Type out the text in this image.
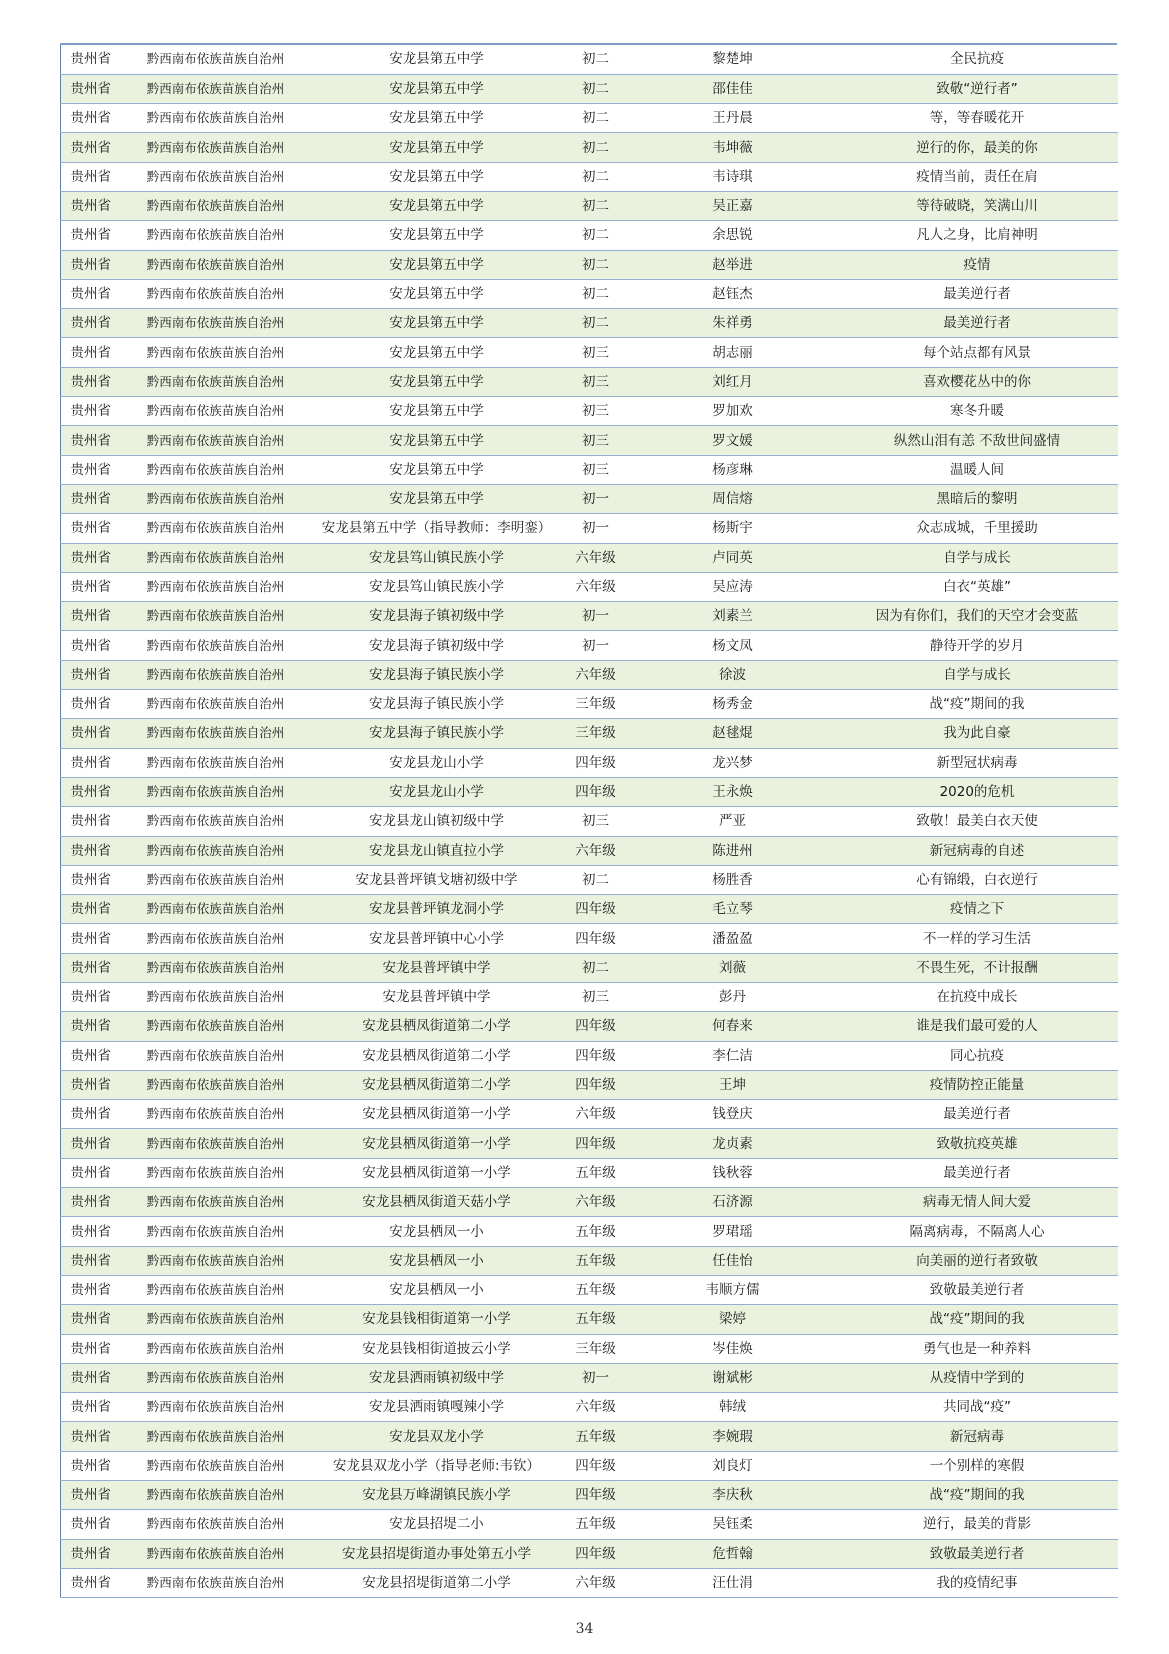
贵州省	黔西南布依族苗族自治州	安龙县第五中学	初二	黎楚坤	全民抗疫
贵州省	黔西南布依族苗族自治州	安龙县第五中学	初二	邵佳佳	致敬“逆行者”
贵州省	黔西南布依族苗族自治州	安龙县第五中学	初二	王丹晨	等，等春暖花开
贵州省	黔西南布依族苗族自治州	安龙县第五中学	初二	韦坤薇	逆行的你，最美的你
贵州省	黔西南布依族苗族自治州	安龙县第五中学	初二	韦诗琪	疫情当前，责任在肩
贵州省	黔西南布依族苗族自治州	安龙县第五中学	初二	吴正嘉	等待破晓，笑满山川
贵州省	黔西南布依族苗族自治州	安龙县第五中学	初二	余思锐	凡人之身，比肩神明
贵州省	黔西南布依族苗族自治州	安龙县第五中学	初二	赵举进	疫情
贵州省	黔西南布依族苗族自治州	安龙县第五中学	初二	赵钰杰	最美逆行者
贵州省	黔西南布依族苗族自治州	安龙县第五中学	初二	朱祥勇	最美逆行者
贵州省	黔西南布依族苗族自治州	安龙县第五中学	初三	胡志丽	每个站点都有风景
贵州省	黔西南布依族苗族自治州	安龙县第五中学	初三	刘红月	喜欢樱花丛中的你
贵州省	黔西南布依族苗族自治州	安龙县第五中学	初三	罗加欢	寒冬升暖
贵州省	黔西南布依族苗族自治州	安龙县第五中学	初三	罗文媛	纵然山泪有恙 不敌世间盛情
贵州省	黔西南布依族苗族自治州	安龙县第五中学	初三	杨彦琳	温暖人间
贵州省	黔西南布依族苗族自治州	安龙县第五中学	初一	周信熔	黑暗后的黎明
贵州省	黔西南布依族苗族自治州	安龙县第五中学（指导教师：李明銮）	初一	杨斯宇	众志成城，千里援助
贵州省	黔西南布依族苗族自治州	安龙县笃山镇民族小学	六年级	卢同英	自学与成长
贵州省	黔西南布依族苗族自治州	安龙县笃山镇民族小学	六年级	吴应涛	白衣“英雄”
贵州省	黔西南布依族苗族自治州	安龙县海子镇初级中学	初一	刘素兰	因为有你们，我们的天空才会变蓝
贵州省	黔西南布依族苗族自治州	安龙县海子镇初级中学	初一	杨文凤	静待开学的岁月
贵州省	黔西南布依族苗族自治州	安龙县海子镇民族小学	六年级	徐波	自学与成长
贵州省	黔西南布依族苗族自治州	安龙县海子镇民族小学	三年级	杨秀金	战“疫”期间的我
贵州省	黔西南布依族苗族自治州	安龙县海子镇民族小学	三年级	赵毬焜	我为此自豪
贵州省	黔西南布依族苗族自治州	安龙县龙山小学	四年级	龙兴梦	新型冠状病毒
贵州省	黔西南布依族苗族自治州	安龙县龙山小学	四年级	王永焕	2020的危机
贵州省	黔西南布依族苗族自治州	安龙县龙山镇初级中学	初三	严亚	致敬！最美白衣天使
贵州省	黔西南布依族苗族自治州	安龙县龙山镇直拉小学	六年级	陈进州	新冠病毒的自述
贵州省	黔西南布依族苗族自治州	安龙县普坪镇戈塘初级中学	初二	杨胜香	心有锦缎，白衣逆行
贵州省	黔西南布依族苗族自治州	安龙县普坪镇龙洞小学	四年级	毛立琴	疫情之下
贵州省	黔西南布依族苗族自治州	安龙县普坪镇中心小学	四年级	潘盈盈	不一样的学习生活
贵州省	黔西南布依族苗族自治州	安龙县普坪镇中学	初二	刘薇	不畏生死，不计报酬
贵州省	黔西南布依族苗族自治州	安龙县普坪镇中学	初三	彭丹	在抗疫中成长
贵州省	黔西南布依族苗族自治州	安龙县栖凤街道第二小学	四年级	何春来	谁是我们最可爱的人
贵州省	黔西南布依族苗族自治州	安龙县栖凤街道第二小学	四年级	李仁洁	同心抗疫
贵州省	黔西南布依族苗族自治州	安龙县栖凤街道第二小学	四年级	王坤	疫情防控正能量
贵州省	黔西南布依族苗族自治州	安龙县栖凤街道第一小学	六年级	钱登庆	最美逆行者
贵州省	黔西南布依族苗族自治州	安龙县栖凤街道第一小学	四年级	龙贞素	致敬抗疫英雄
贵州省	黔西南布依族苗族自治州	安龙县栖凤街道第一小学	五年级	钱秋蓉	最美逆行者
贵州省	黔西南布依族苗族自治州	安龙县栖凤街道天菇小学	六年级	石济源	病毒无情人间大爱
贵州省	黔西南布依族苗族自治州	安龙县栖凤一小	五年级	罗珺瑶	隔离病毒，不隔离人心
贵州省	黔西南布依族苗族自治州	安龙县栖凤一小	五年级	任佳怡	向美丽的逆行者致敬
贵州省	黔西南布依族苗族自治州	安龙县栖凤一小	五年级	韦顺方儒	致敬最美逆行者
贵州省	黔西南布依族苗族自治州	安龙县钱相街道第一小学	五年级	梁婷	战“疫”期间的我
贵州省	黔西南布依族苗族自治州	安龙县钱相街道披云小学	三年级	岑佳焕	勇气也是一种养料
贵州省	黔西南布依族苗族自治州	安龙县洒雨镇初级中学	初一	谢斌彬	从疫情中学到的
贵州省	黔西南布依族苗族自治州	安龙县洒雨镇嘎辣小学	六年级	韩绒	共同战“疫”
贵州省	黔西南布依族苗族自治州	安龙县双龙小学	五年级	李婉瑕	新冠病毒
贵州省	黔西南布依族苗族自治州	安龙县双龙小学（指导老师:韦钦）	四年级	刘良灯	一个别样的寒假
贵州省	黔西南布依族苗族自治州	安龙县万峰湖镇民族小学	四年级	李庆秋	战“疫”期间的我
贵州省	黔西南布依族苗族自治州	安龙县招堤二小	五年级	吴钰柔	逆行，最美的背影
贵州省	黔西南布依族苗族自治州	安龙县招堤街道办事处第五小学	四年级	危哲翰	致敬最美逆行者
贵州省	黔西南布依族苗族自治州	安龙县招堤街道第二小学	六年级	汪仕涓	我的疫情纪事
34
